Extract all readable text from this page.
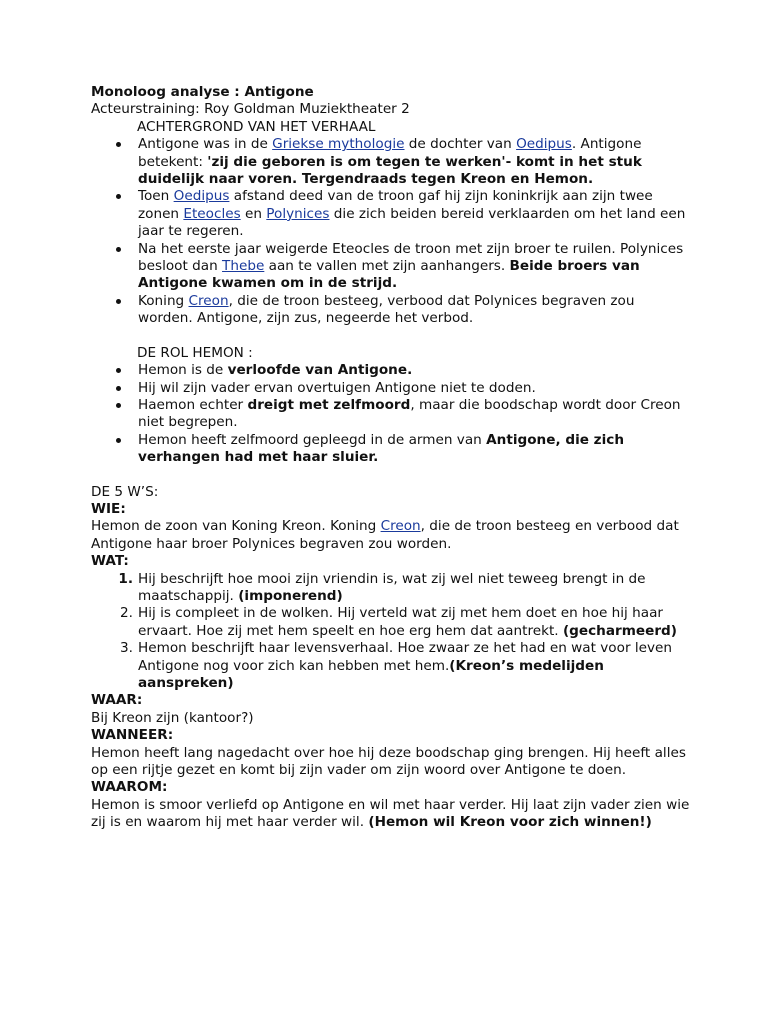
Monoloog analyse : Antigone

Acteurstraining: Roy Goldman Muziektheater 2

ACHTERGROND VAN HET VERHAAL

Antigone was in de Griekse mythologie de dochter van Oedipus. Antigone betekent: 'zij die geboren is om tegen te werken'- komt in het stuk duidelijk naar voren. Tergendraads tegen Kreon en Hemon.
Toen Oedipus afstand deed van de troon gaf hij zijn koninkrijk aan zijn twee zonen Eteocles en Polynices die zich beiden bereid verklaarden om het land een jaar te regeren.
Na het eerste jaar weigerde Eteocles de troon met zijn broer te ruilen. Polynices besloot dan Thebe aan te vallen met zijn aanhangers. Beide broers van Antigone kwamen om in de strijd.
Koning Creon, die de troon besteeg, verbood dat Polynices begraven zou worden. Antigone, zijn zus, negeerde het verbod.

DE ROL HEMON :

Hemon is de verloofde van Antigone.
Hij wil zijn vader ervan overtuigen Antigone niet te doden.
Haemon echter dreigt met zelfmoord, maar die boodschap wordt door Creon niet begrepen.
Hemon heeft zelfmoord gepleegd in de armen van Antigone, die zich verhangen had met haar sluier.

DE 5 W’S:

WIE:

Hemon de zoon van Koning Kreon. Koning Creon, die de troon besteeg en verbood dat Antigone haar broer Polynices begraven zou worden.

WAT:

1. Hij beschrijft hoe mooi zijn vriendin is, wat zij wel niet teweeg brengt in de maatschappij. (imponerend)
2. Hij is compleet in de wolken. Hij verteld wat zij met hem doet en hoe hij haar ervaart. Hoe zij met hem speelt en hoe erg hem dat aantrekt. (gecharmeerd)
3. Hemon beschrijft haar levensverhaal. Hoe zwaar ze het had en wat voor leven Antigone nog voor zich kan hebben met hem.(Kreon’s medelijden aanspreken)

WAAR:

Bij Kreon zijn (kantoor?)

WANNEER:

Hemon heeft lang nagedacht over hoe hij deze boodschap ging brengen. Hij heeft alles op een rijtje gezet en komt bij zijn vader om zijn woord over Antigone te doen.

WAAROM:

Hemon is smoor verliefd op Antigone en wil met haar verder. Hij laat zijn vader zien wie zij is en waarom hij met haar verder wil. (Hemon wil Kreon voor zich winnen!)
